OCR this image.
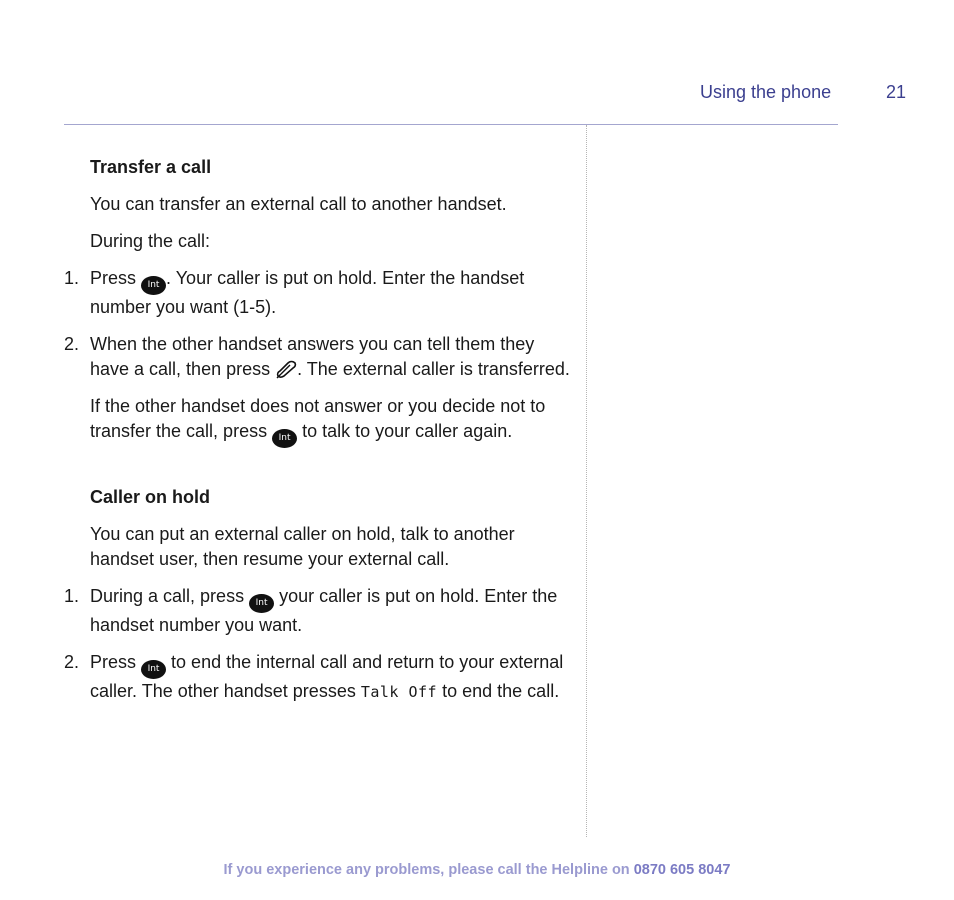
Using the phone	21
Transfer a call
You can transfer an external call to another handset.
During the call:
1. Press Int . Your caller is put on hold. Enter the handset number you want (1-5).
2. When the other handset answers you can tell them they have a call, then press . The external caller is transferred.
If the other handset does not answer or you decide not to transfer the call, press Int to talk to your caller again.
Caller on hold
You can put an external caller on hold, talk to another handset user, then resume your external call.
1. During a call, press Int your caller is put on hold. Enter the handset number you want.
2. Press Int to end the internal call and return to your external caller. The other handset presses Talk Off to end the call.
If you experience any problems, please call the Helpline on 0870 605 8047
